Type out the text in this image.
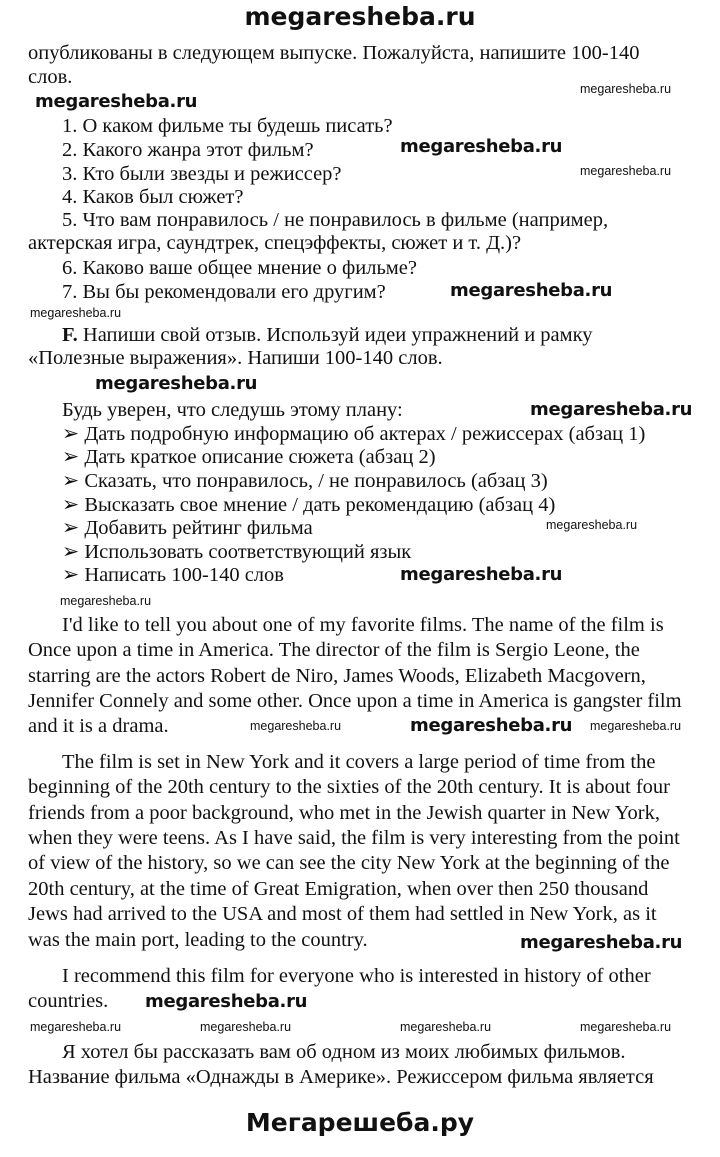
megaresheba.ru
опубликованы в следующем выпуске. Пожалуйста, напишите 100-140
слов.
1. О каком фильме ты будешь писать?
2. Какого жанра этот фильм?
3. Кто были звезды и режиссер?
4. Каков был сюжет?
5. Что вам понравилось / не понравилось в фильме (например,
актерская игра, саундтрек, спецэффекты, сюжет и т. Д.)?
6. Каково ваше общее мнение о фильме?
7. Вы бы рекомендовали его другим?
F. Напиши свой отзыв. Используй идеи упражнений и рамку
«Полезные выражения». Напиши 100-140 слов.
Будь уверен, что следушь этому плану:
➢ Дать подробную информацию об актерах / режиссерах (абзац 1)
➢ Дать краткое описание сюжета (абзац 2)
➢ Сказать, что понравилось, / не понравилось (абзац 3)
➢ Высказать свое мнение / дать рекомендацию (абзац 4)
➢ Добавить рейтинг фильма
➢ Использовать соответствующий язык
➢ Написать 100-140 слов
I'd like to tell you about one of my favorite films. The name of the film is
Once upon a time in America. The director of the film is Sergio Leone, the
starring are the actors Robert de Niro, James Woods, Elizabeth Macgovern,
Jennifer Connely and some other. Once upon a time in America is gangster film
and it is a drama.
The film is set in New York and it covers a large period of time from the
beginning of the 20th century to the sixties of the 20th century. It is about four
friends from a poor background, who met in the Jewish quarter in New York,
when they were teens. As I have said, the film is very interesting from the point
of view of the history, so we can see the city New York at the beginning of the
20th century, at the time of Great Emigration, when over then 250 thousand
Jews had arrived to the USA and most of them had settled in New York, as it
was the main port, leading to the country.
I recommend this film for everyone who is interested in history of other
countries.
Я хотел бы рассказать вам об одном из моих любимых фильмов.
Название фильма «Однажды в Америке». Режиссером фильма является
megaresheba.ru
megaresheba.ru
megaresheba.ru
megaresheba.ru
megaresheba.ru
megaresheba.ru
megaresheba.ru
megaresheba.ru
megaresheba.ru
megaresheba.ru
megaresheba.ru
megaresheba.ru	megaresheba.ru
megaresheba.ru
megaresheba.ru	megaresheba.ru
megaresheba.ru
megaresheba.ru
megaresheba.ru	megaresheba.ru
Мегарешеба.ру
